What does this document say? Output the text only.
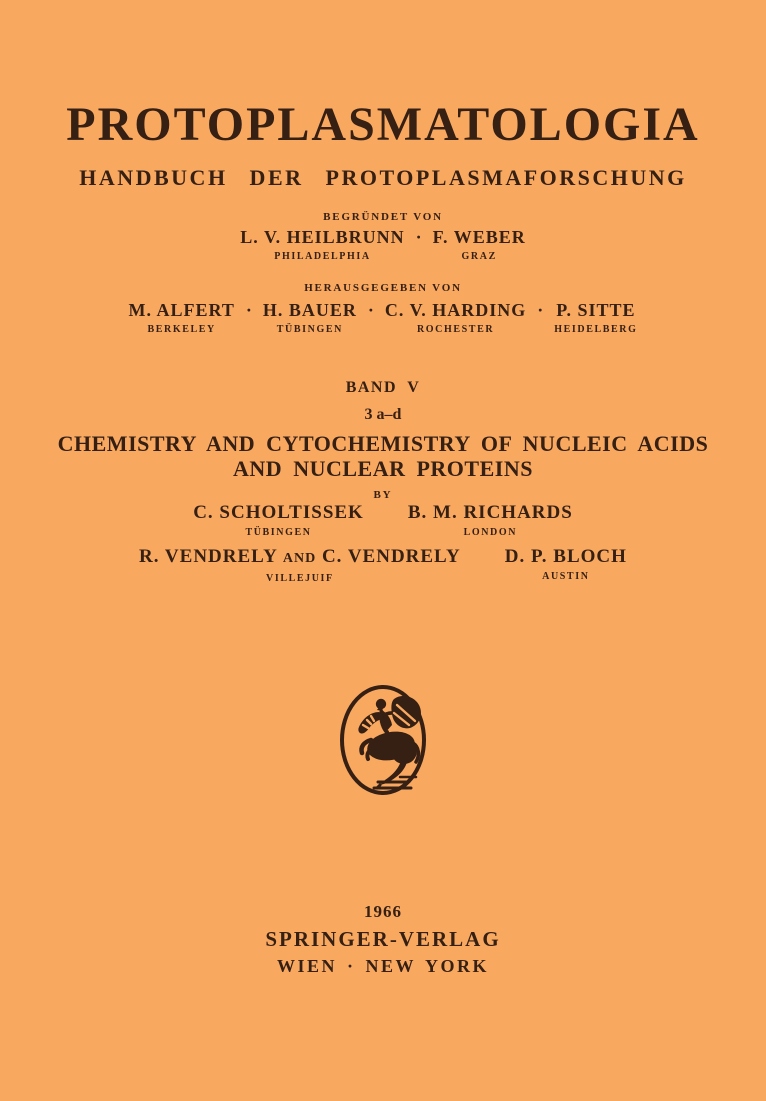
PROTOPLASMATOLOGIA
HANDBUCH DER PROTOPLASMAFORSCHUNG
BEGRÜNDET VON
L. V. HEILBRUNN
PHILADELPHIA
· F. WEBER
GRAZ
HERAUSGEGEBEN VON
M. ALFERT
BERKELEY
· H. BAUER
TÜBINGEN
· C. V. HARDING
ROCHESTER
· P. SITTE
HEIDELBERG
BAND V
3 a–d
CHEMISTRY AND CYTOCHEMISTRY OF NUCLEIC ACIDS
AND NUCLEAR PROTEINS
BY
C. SCHOLTISSEK
TÜBINGEN
B. M. RICHARDS
LONDON
R. VENDRELY AND C. VENDRELY
VILLEJUIF
D. P. BLOCH
AUSTIN
1966
SPRINGER-VERLAG
WIEN · NEW YORK
